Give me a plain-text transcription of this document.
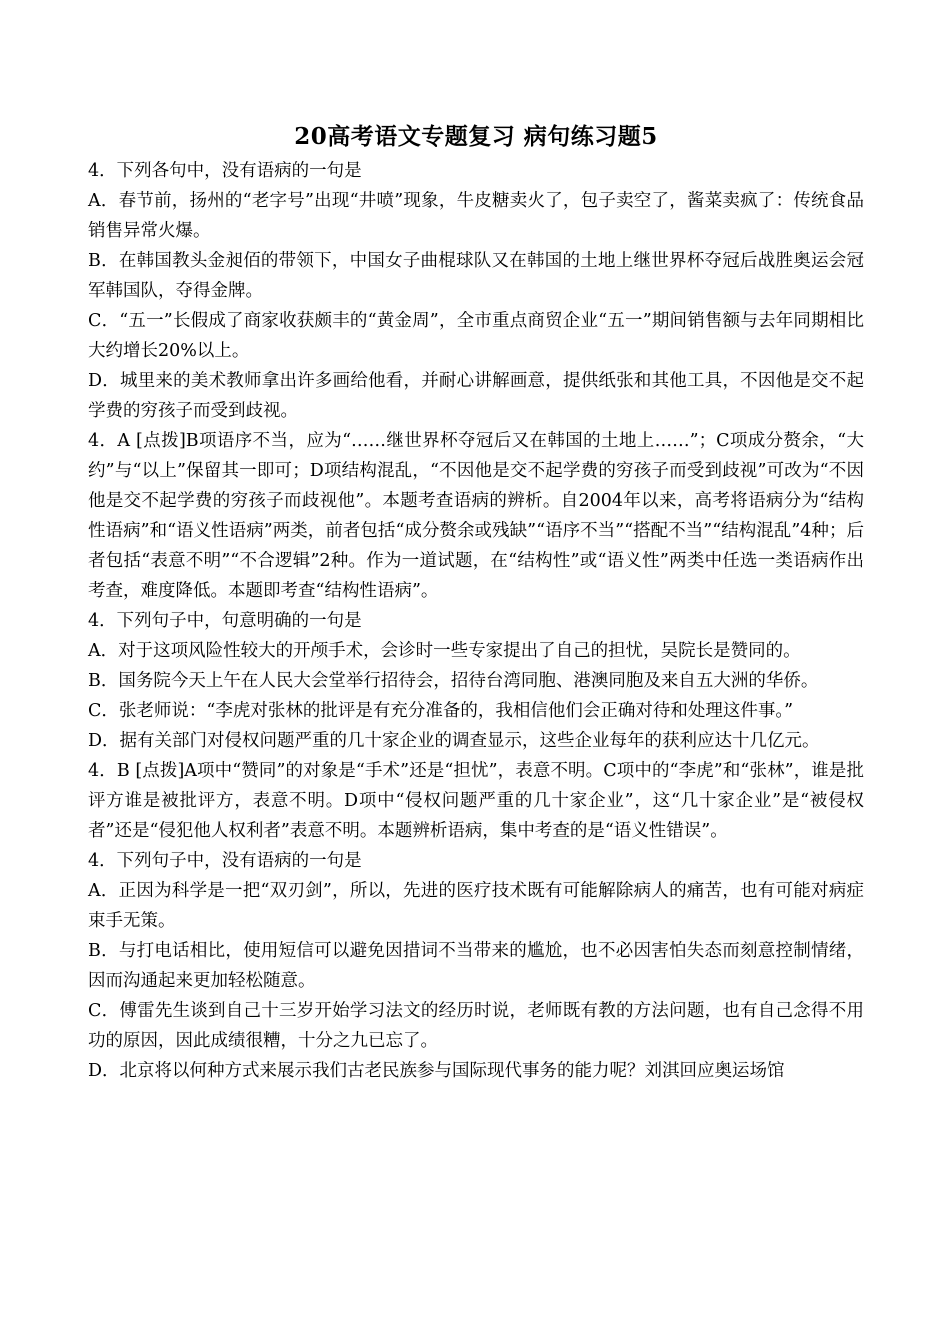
20高考语文专题复习 病句练习题5

4．下列各句中，没有语病的一句是

A．春节前，扬州的“老字号”出现“井喷”现象，牛皮糖卖火了，包子卖空了，酱菜卖疯了：传统食品销售异常火爆。

B．在韩国教头金昶佰的带领下，中国女子曲棍球队又在韩国的土地上继世界杯夺冠后战胜奥运会冠军韩国队，夺得金牌。

C．“五一”长假成了商家收获颇丰的“黄金周”，全市重点商贸企业“五一”期间销售额与去年同期相比大约增长20%以上。

D．城里来的美术教师拿出许多画给他看，并耐心讲解画意，提供纸张和其他工具，不因他是交不起学费的穷孩子而受到歧视。

4．A [点拨]B项语序不当，应为“……继世界杯夺冠后又在韩国的土地上……”；C项成分赘余，“大约”与“以上”保留其一即可；D项结构混乱，“不因他是交不起学费的穷孩子而受到歧视”可改为“不因他是交不起学费的穷孩子而歧视他”。本题考查语病的辨析。自2004年以来，高考将语病分为“结构性语病”和“语义性语病”两类，前者包括“成分赘余或残缺”“语序不当”“搭配不当”“结构混乱”4种；后者包括“表意不明”“不合逻辑”2种。作为一道试题，在“结构性”或“语义性”两类中任选一类语病作出考查，难度降低。本题即考查“结构性语病”。

4．下列句子中，句意明确的一句是

A．对于这项风险性较大的开颅手术，会诊时一些专家提出了自己的担忧，吴院长是赞同的。

B．国务院今天上午在人民大会堂举行招待会，招待台湾同胞、港澳同胞及来自五大洲的华侨。

C．张老师说：“李虎对张林的批评是有充分准备的，我相信他们会正确对待和处理这件事。”

D．据有关部门对侵权问题严重的几十家企业的调查显示，这些企业每年的获利应达十几亿元。

4．B [点拨]A项中“赞同”的对象是“手术”还是“担忧”，表意不明。C项中的“李虎”和“张林”，谁是批评方谁是被批评方，表意不明。D项中“侵权问题严重的几十家企业”，这“几十家企业”是“被侵权者”还是“侵犯他人权利者”表意不明。本题辨析语病，集中考查的是“语义性错误”。

4．下列句子中，没有语病的一句是

A．正因为科学是一把“双刃剑”，所以，先进的医疗技术既有可能解除病人的痛苦，也有可能对病症束手无策。

B．与打电话相比，使用短信可以避免因措词不当带来的尴尬，也不必因害怕失态而刻意控制情绪，因而沟通起来更加轻松随意。

C．傅雷先生谈到自己十三岁开始学习法文的经历时说，老师既有教的方法问题，也有自己念得不用功的原因，因此成绩很糟，十分之九已忘了。

D．北京将以何种方式来展示我们古老民族参与国际现代事务的能力呢？刘淇回应奥运场馆
